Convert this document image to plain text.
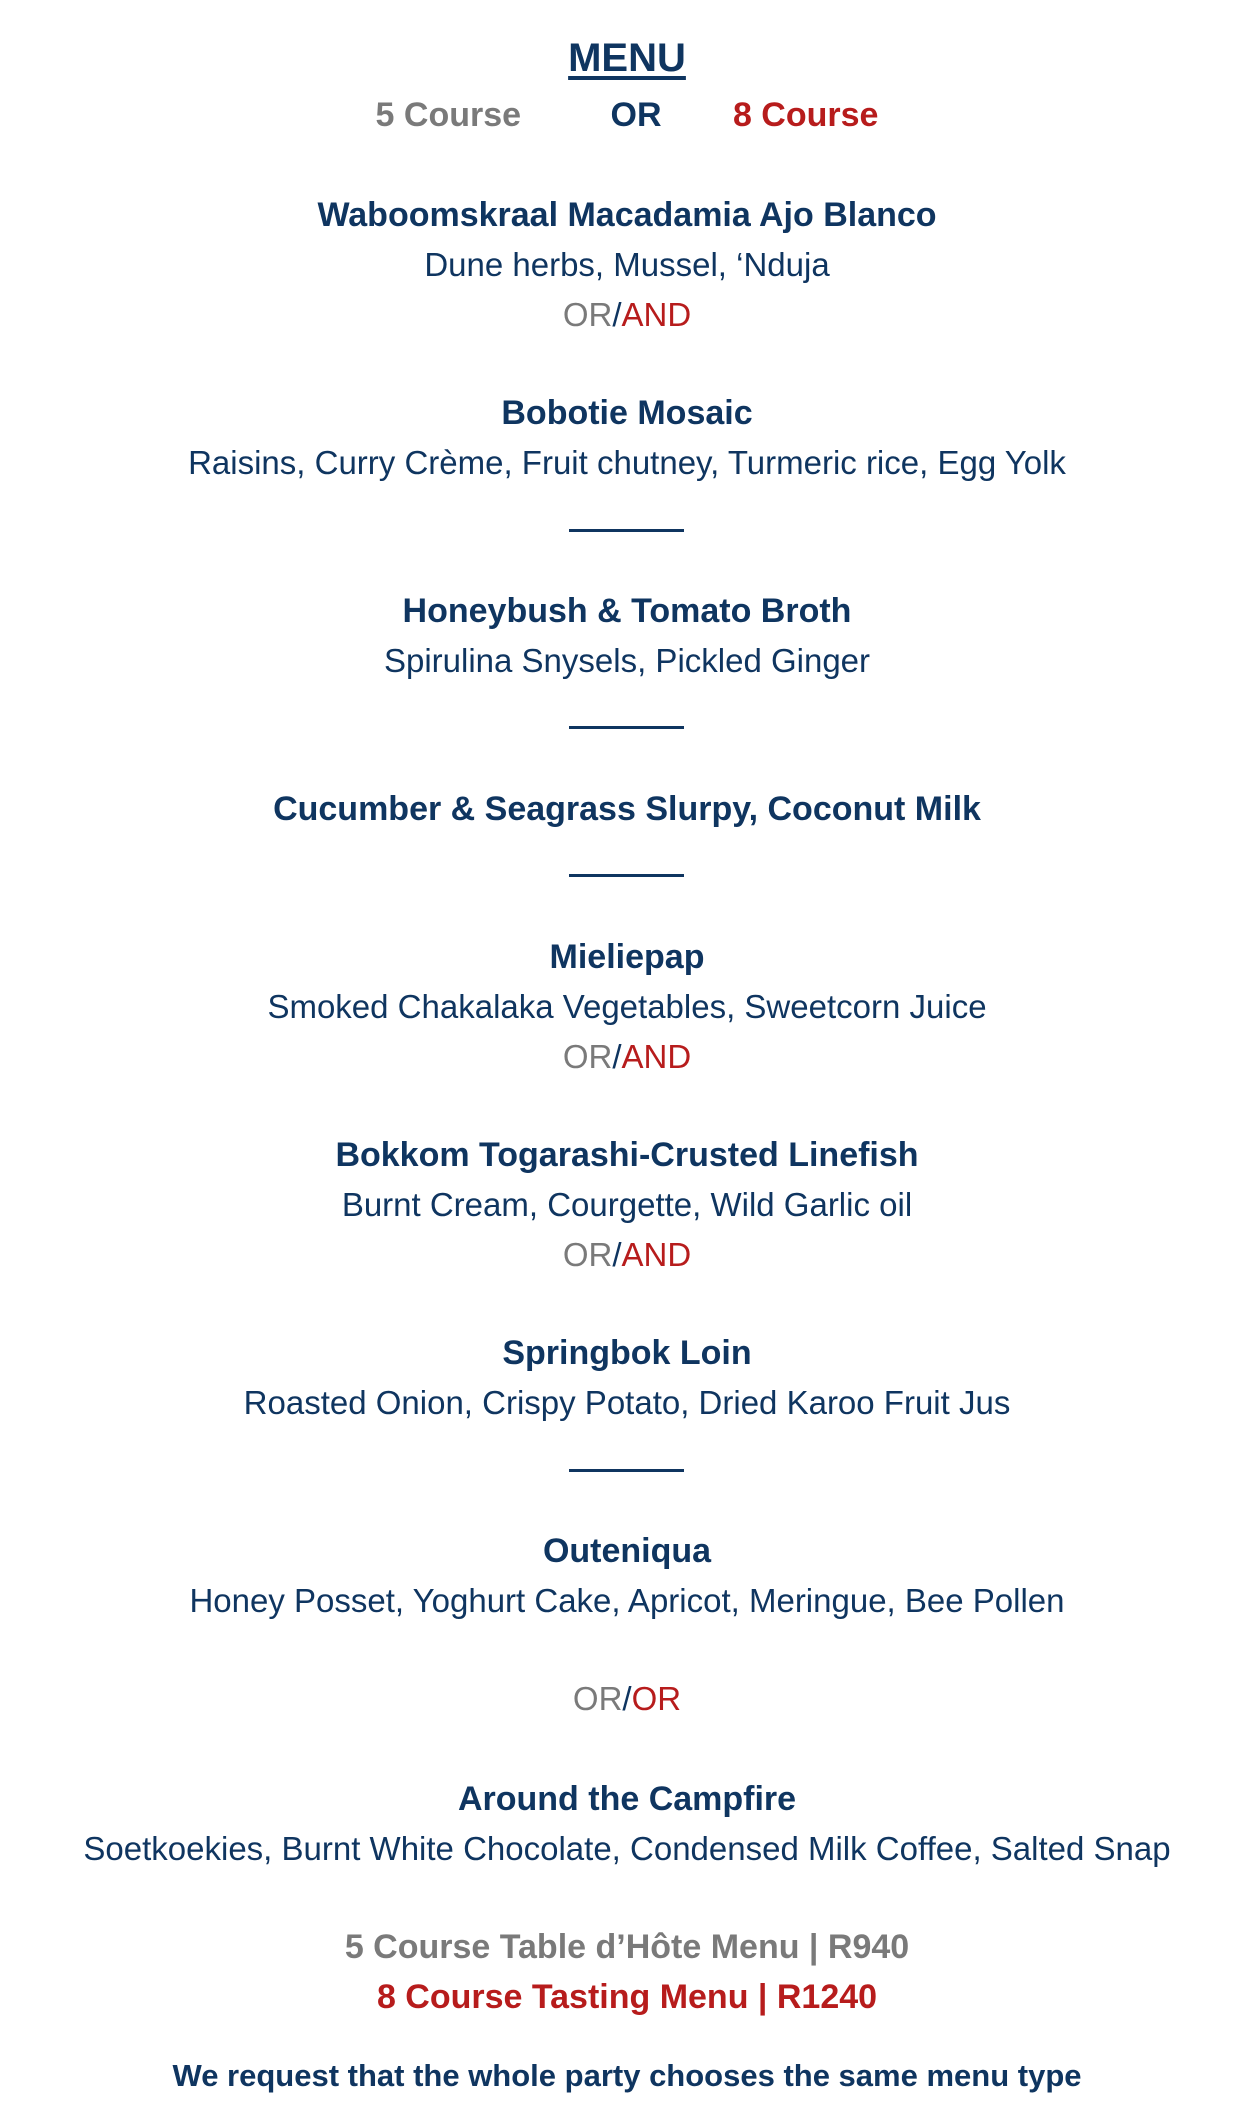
MENU
5 Course	OR 8 Course
Waboomskraal Macadamia Ajo Blanco
Dune herbs, Mussel, ‘Nduja
OR/AND
Bobotie Mosaic
Raisins, Curry Crème, Fruit chutney, Turmeric rice, Egg Yolk
Honeybush & Tomato Broth
Spirulina Snysels, Pickled Ginger
Cucumber & Seagrass Slurpy, Coconut Milk
Mieliepap
Smoked Chakalaka Vegetables, Sweetcorn Juice
OR/AND
Bokkom Togarashi-Crusted Linefish
Burnt Cream, Courgette, Wild Garlic oil
OR/AND
Springbok Loin
Roasted Onion, Crispy Potato, Dried Karoo Fruit Jus
Outeniqua
Honey Posset, Yoghurt Cake, Apricot, Meringue, Bee Pollen
OR/OR
Around the Campfire
Soetkoekies, Burnt White Chocolate, Condensed Milk Coffee, Salted Snap
5 Course Table d’Hôte Menu | R940
8 Course Tasting Menu | R1240
We request that the whole party chooses the same menu type
